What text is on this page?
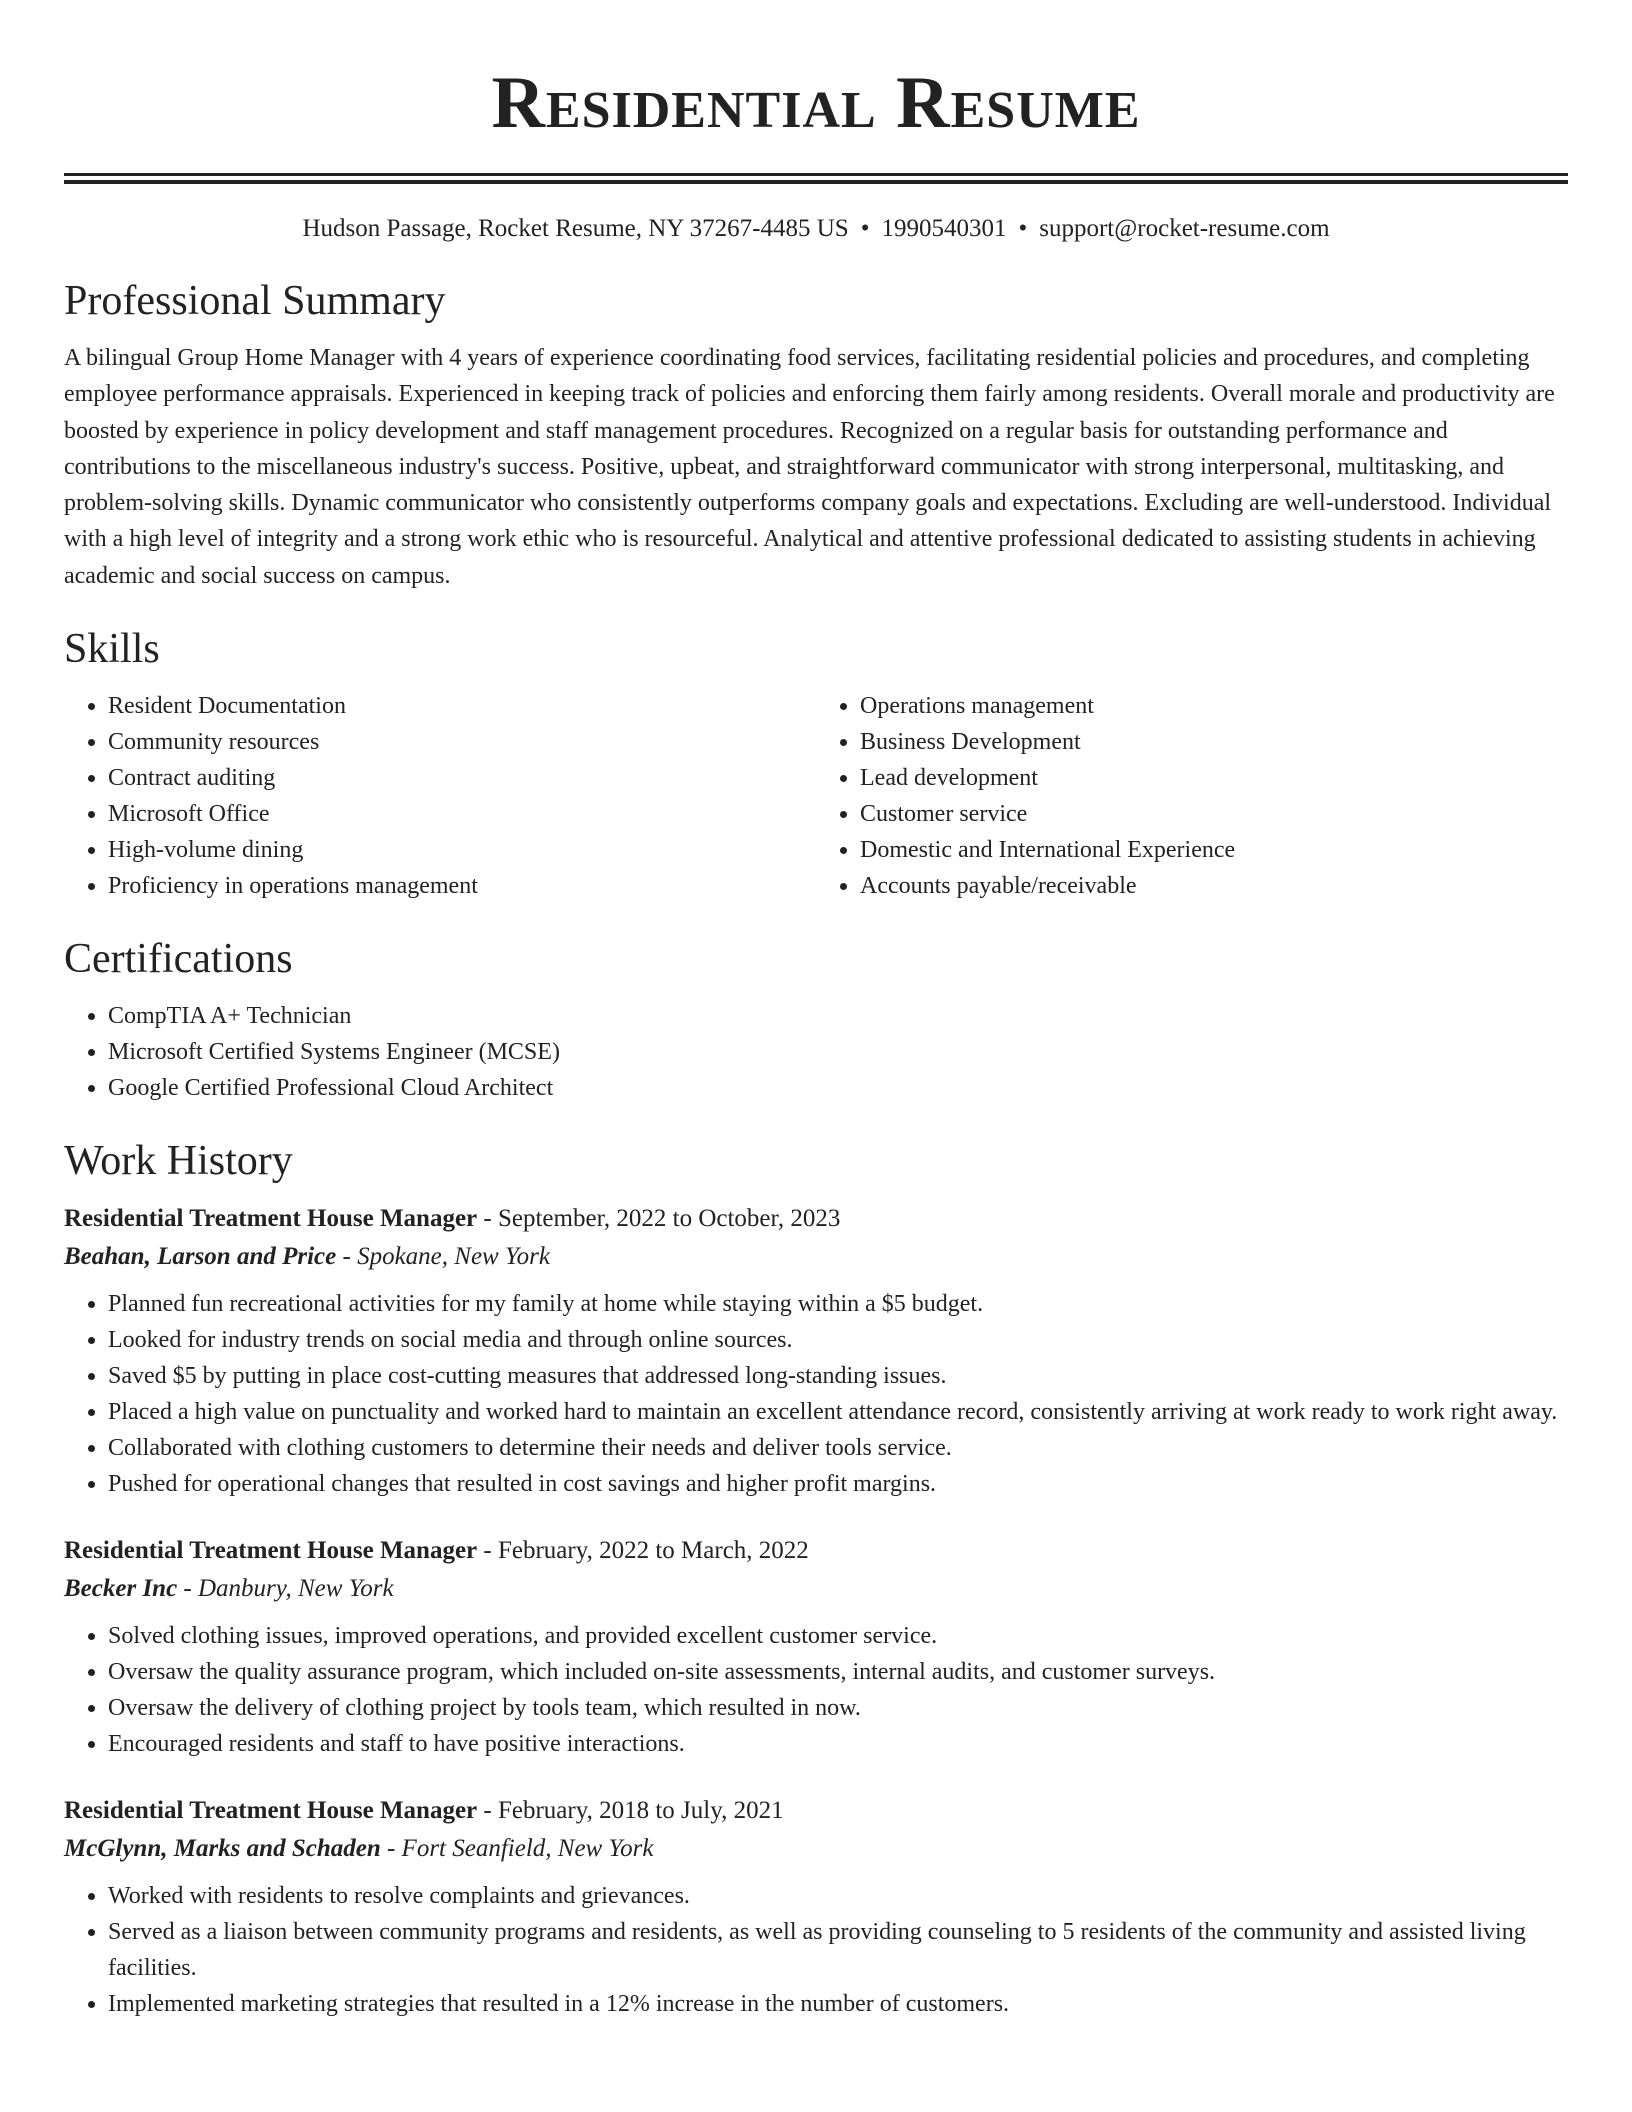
Residential Resume
Hudson Passage, Rocket Resume, NY 37267-4485 US • 1990540301 • support@rocket-resume.com
Professional Summary

A bilingual Group Home Manager with 4 years of experience coordinating food services, facilitating residential policies and procedures, and completing employee performance appraisals. Experienced in keeping track of policies and enforcing them fairly among residents. Overall morale and productivity are boosted by experience in policy development and staff management procedures. Recognized on a regular basis for outstanding performance and contributions to the miscellaneous industry's success. Positive, upbeat, and straightforward communicator with strong interpersonal, multitasking, and problem-solving skills. Dynamic communicator who consistently outperforms company goals and expectations. Excluding are well-understood. Individual with a high level of integrity and a strong work ethic who is resourceful. Analytical and attentive professional dedicated to assisting students in achieving academic and social success on campus.

Skills
• Resident Documentation
• Community resources
• Contract auditing
• Microsoft Office
• High-volume dining
• Proficiency in operations management
• Operations management
• Business Development
• Lead development
• Customer service
• Domestic and International Experience
• Accounts payable/receivable
Certifications
• CompTIA A+ Technician
• Microsoft Certified Systems Engineer (MCSE)
• Google Certified Professional Cloud Architect
Work History

Residential Treatment House Manager - September, 2022 to October, 2023

Beahan, Larson and Price - Spokane, New York

• Planned fun recreational activities for my family at home while staying within a $5 budget.
• Looked for industry trends on social media and through online sources.
• Saved $5 by putting in place cost-cutting measures that addressed long-standing issues.
• Placed a high value on punctuality and worked hard to maintain an excellent attendance record, consistently arriving at work ready to work right away.
• Collaborated with clothing customers to determine their needs and deliver tools service.
• Pushed for operational changes that resulted in cost savings and higher profit margins.

Residential Treatment House Manager - February, 2022 to March, 2022

Becker Inc - Danbury, New York

• Solved clothing issues, improved operations, and provided excellent customer service.
• Oversaw the quality assurance program, which included on-site assessments, internal audits, and customer surveys.
• Oversaw the delivery of clothing project by tools team, which resulted in now.
• Encouraged residents and staff to have positive interactions.

Residential Treatment House Manager - February, 2018 to July, 2021

McGlynn, Marks and Schaden - Fort Seanfield, New York

• Worked with residents to resolve complaints and grievances.
• Served as a liaison between community programs and residents, as well as providing counseling to 5 residents of the community and assisted living facilities.
• Implemented marketing strategies that resulted in a 12% increase in the number of customers.
